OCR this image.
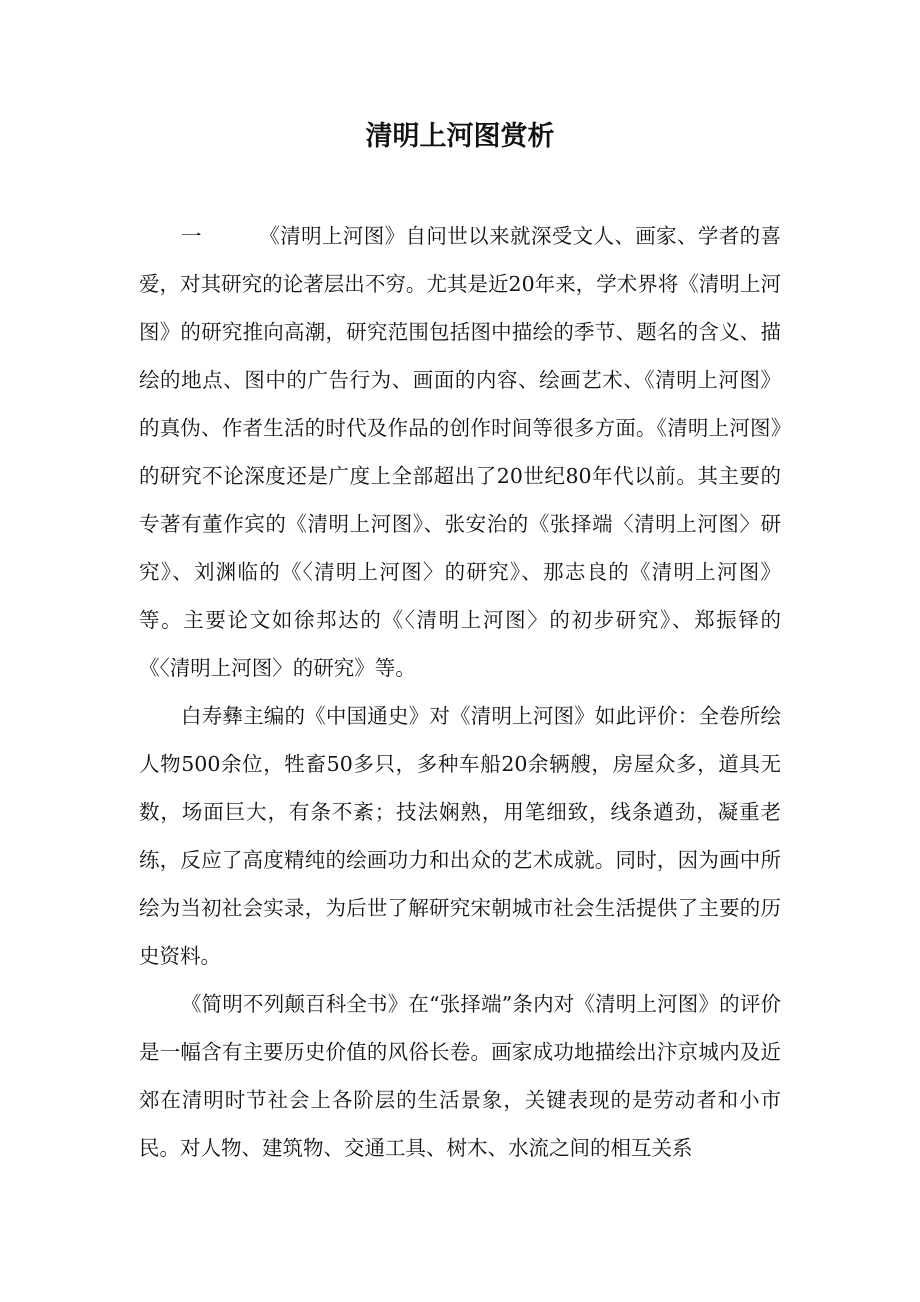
清明上河图赏析

一	《清明上河图》自问世以来就深受文人、画家、学者的喜爱，对其研究的论著层出不穷。尤其是近20年来，学术界将《清明上河图》的研究推向高潮，研究范围包括图中描绘的季节、题名的含义、描绘的地点、图中的广告行为、画面的内容、绘画艺术、《清明上河图》的真伪、作者生活的时代及作品的创作时间等很多方面。《清明上河图》的研究不论深度还是广度上全部超出了20世纪80年代以前。其主要的专著有董作宾的《清明上河图》、张安治的《张择端〈清明上河图〉研究》、刘渊临的《〈清明上河图〉的研究》、那志良的《清明上河图》等。主要论文如徐邦达的《〈清明上河图〉的初步研究》、郑振铎的《〈清明上河图〉的研究》等。

白寿彝主编的《中国通史》对《清明上河图》如此评价：全卷所绘人物500余位，牲畜50多只，多种车船20余辆艘，房屋众多，道具无数，场面巨大，有条不紊；技法娴熟，用笔细致，线条遒劲，凝重老练，反应了高度精纯的绘画功力和出众的艺术成就。同时，因为画中所绘为当初社会实录，为后世了解研究宋朝城市社会生活提供了主要的历史资料。

《简明不列颠百科全书》在“张择端”条内对《清明上河图》的评价是一幅含有主要历史价值的风俗长卷。画家成功地描绘出汴京城内及近郊在清明时节社会上各阶层的生活景象，关键表现的是劳动者和小市民。对人物、建筑物、交通工具、树木、水流之间的相互关系
